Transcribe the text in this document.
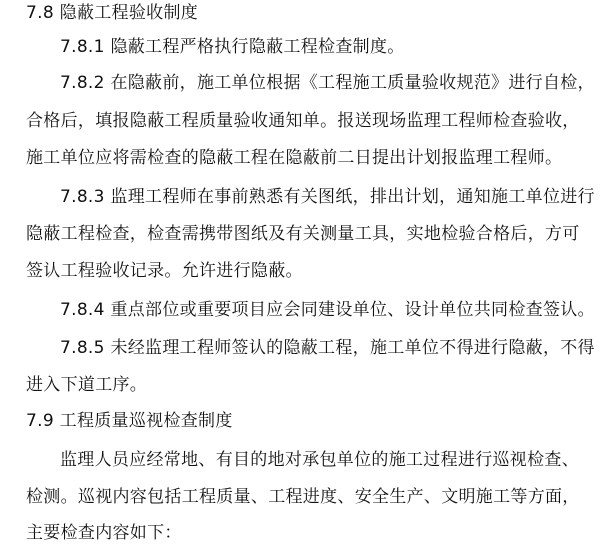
7.8 隐蔽工程验收制度
7.8.1 隐蔽工程严格执行隐蔽工程检查制度。
7.8.2 在隐蔽前，施工单位根据《工程施工质量验收规范》进行自检，
合格后，填报隐蔽工程质量验收通知单。报送现场监理工程师检查验收，
施工单位应将需检查的隐蔽工程在隐蔽前二日提出计划报监理工程师。
7.8.3 监理工程师在事前熟悉有关图纸，排出计划，通知施工单位进行
隐蔽工程检查，检查需携带图纸及有关测量工具，实地检验合格后，方可
签认工程验收记录。允许进行隐蔽。
7.8.4 重点部位或重要项目应会同建设单位、设计单位共同检查签认。
7.8.5 未经监理工程师签认的隐蔽工程，施工单位不得进行隐蔽，不得
进入下道工序。
7.9 工程质量巡视检查制度
监理人员应经常地、有目的地对承包单位的施工过程进行巡视检查、
检测。巡视内容包括工程质量、工程进度、安全生产、文明施工等方面，
主要检查内容如下：
